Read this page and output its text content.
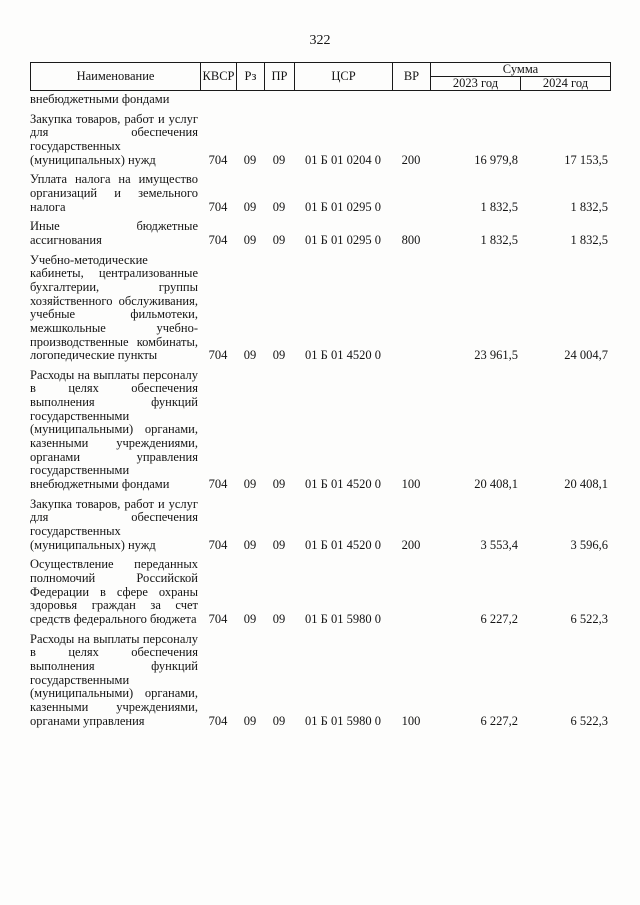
322
Наименование	КВСР	Рз	ПР	ЦСР	ВР	Сумма	
						2023 год	2024 год
внебюджетными фондами							
Закупка товаров, работ и услуг для обеспечения государственных (муниципальных) нужд	704	09	09	01 Б 01 0204 0	200	16 979,8	17 153,5
Уплата налога на имущество организаций и земельного налога	704	09	09	01 Б 01 0295 0		1 832,5	1 832,5
Иные бюджетные ассигнования	704	09	09	01 Б 01 0295 0	800	1 832,5	1 832,5
Учебно-методические кабинеты, централизованные бухгалтерии, группы хозяйственного обслуживания, учебные фильмотеки, межшкольные учебно-производственные комбинаты, логопедические пункты	704	09	09	01 Б 01 4520 0		23 961,5	24 004,7
Расходы на выплаты персоналу в целях обеспечения выполнения функций государственными (муниципальными) органами, казенными учреждениями, органами управления государственными внебюджетными фондами	704	09	09	01 Б 01 4520 0	100	20 408,1	20 408,1
Закупка товаров, работ и услуг для обеспечения государственных (муниципальных) нужд	704	09	09	01 Б 01 4520 0	200	3 553,4	3 596,6
Осуществление переданных полномочий Российской Федерации в сфере охраны здоровья граждан за счет средств федерального бюджета	704	09	09	01 Б 01 5980 0		6 227,2	6 522,3
Расходы на выплаты персоналу в целях обеспечения выполнения функций государственными (муниципальными) органами, казенными учреждениями, органами управления	704	09	09	01 Б 01 5980 0	100	6 227,2	6 522,3
